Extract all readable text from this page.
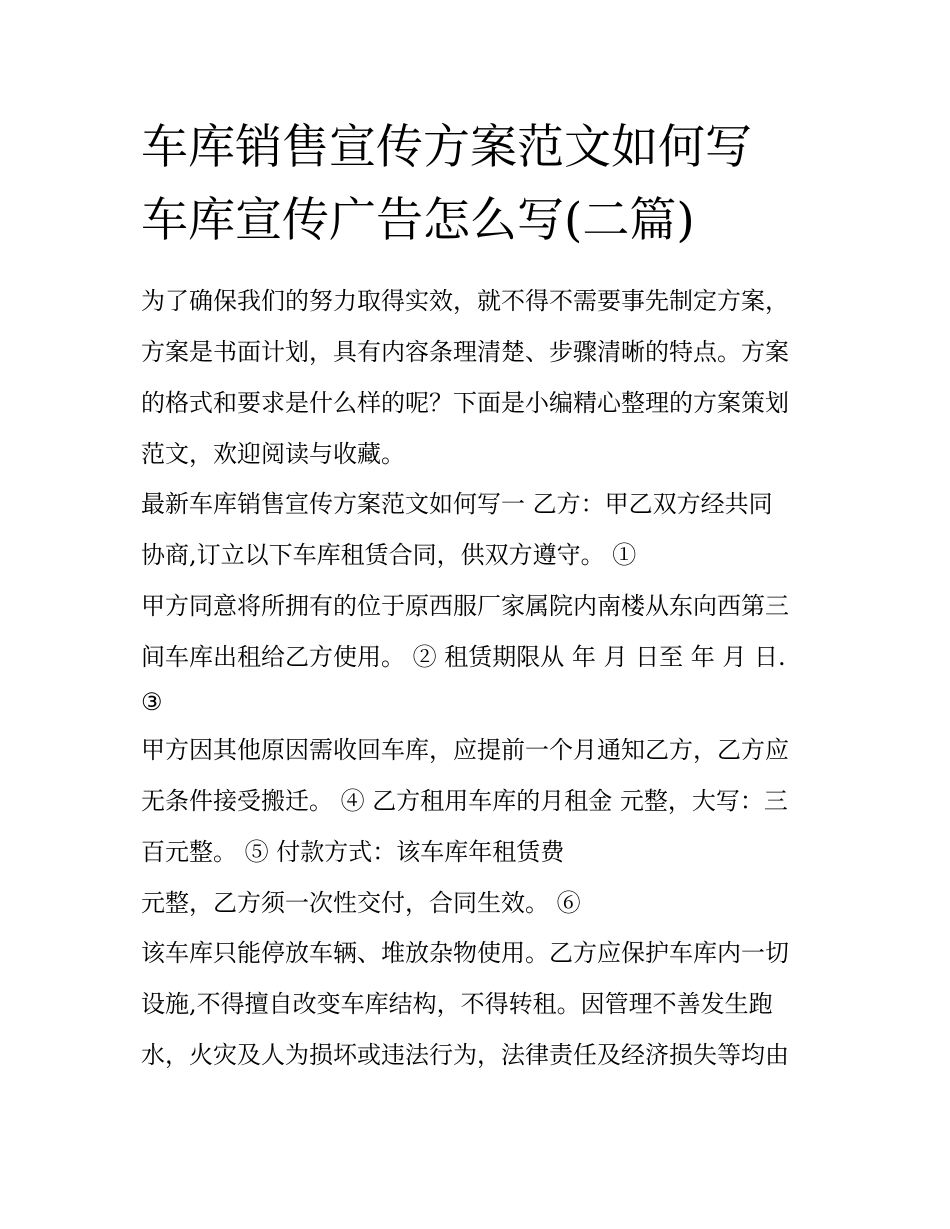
车库销售宣传方案范文如何写
车库宣传广告怎么写(二篇)

为了确保我们的努力取得实效，就不得不需要事先制定方案，

方案是书面计划，具有内容条理清楚、步骤清晰的特点。方案

的格式和要求是什么样的呢？下面是小编精心整理的方案策划

范文，欢迎阅读与收藏。

最新车库销售宣传方案范文如何写一 乙方：甲乙双方经共同

协商,订立以下车库租赁合同，供双方遵守。 ①

甲方同意将所拥有的位于原西服厂家属院内南楼从东向西第三

间车库出租给乙方使用。 ② 租赁期限从 年 月 日至 年 月 日.

③

甲方因其他原因需收回车库，应提前一个月通知乙方，乙方应

无条件接受搬迁。 ④ 乙方租用车库的月租金 元整，大写：三

百元整。 ⑤ 付款方式：该车库年租赁费

元整，乙方须一次性交付，合同生效。 ⑥

该车库只能停放车辆、堆放杂物使用。乙方应保护车库内一切

设施,不得擅自改变车库结构，不得转租。因管理不善发生跑

水，火灾及人为损坏或违法行为，法律责任及经济损失等均由
